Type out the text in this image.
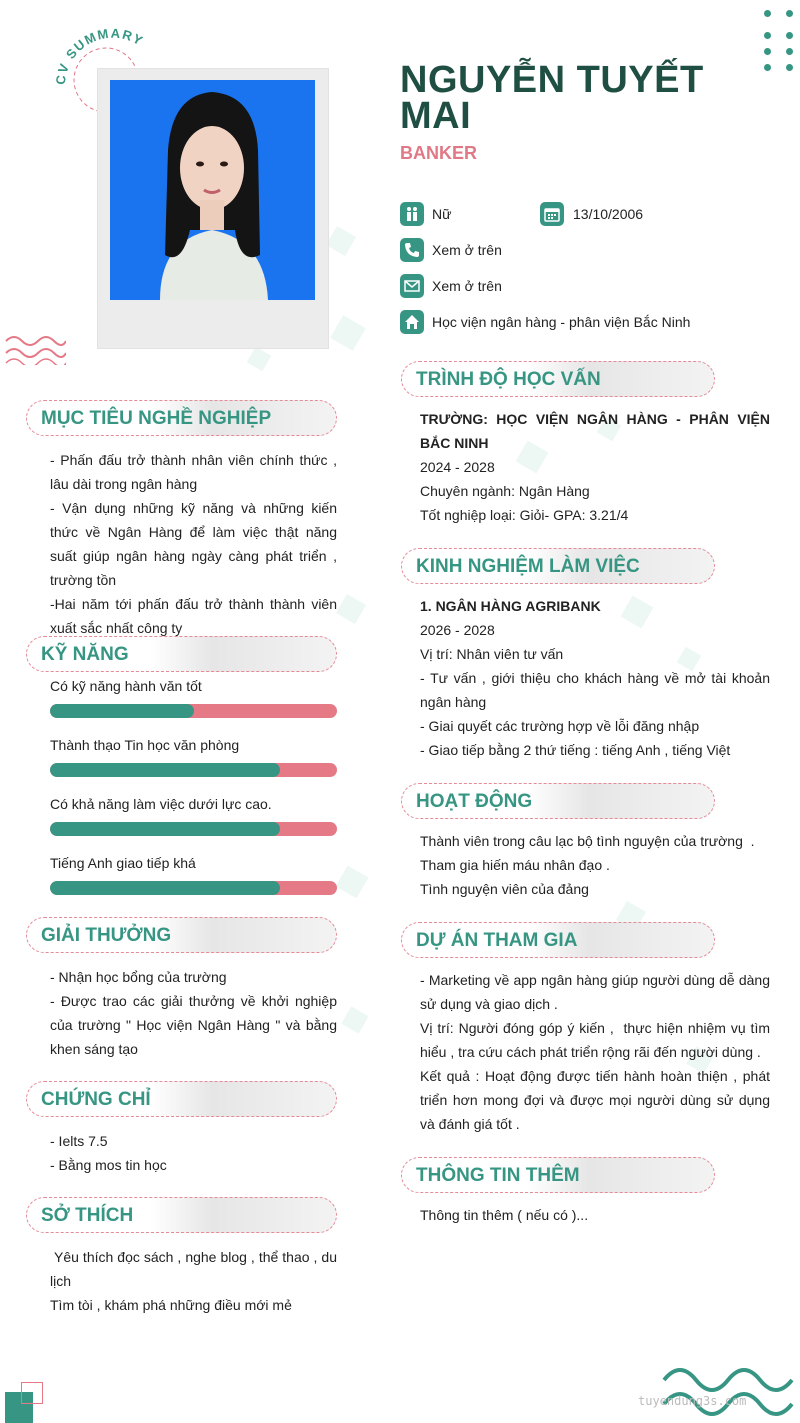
CV SUMMARY
NGUYỄN TUYẾT MAI
BANKER
Nữ	13/10/2006
Xem ở trên
Xem ở trên
Học viện ngân hàng - phân viện Bắc Ninh
MỤC TIÊU NGHỀ NGHIỆP
- Phấn đấu trở thành nhân viên chính thức , lâu dài trong ngân hàng
- Vận dụng những kỹ năng và những kiến thức về Ngân Hàng để làm việc thật năng suất giúp ngân hàng ngày càng phát triển , trường tồn
-Hai năm tới phấn đấu trở thành thành viên xuất sắc nhất công ty
KỸ NĂNG
Có kỹ năng hành văn tốt
Thành thạo Tin học văn phòng
Có khả năng làm việc dưới lực cao.
Tiếng Anh giao tiếp khá
GIẢI THƯỞNG
- Nhận học bổng của trường
- Được trao các giải thưởng về khởi nghiệp của trường " Học viện Ngân Hàng " và bằng khen sáng tạo
CHỨNG CHỈ
- Ielts 7.5
- Bằng mos tin học
SỞ THÍCH
Yêu thích đọc sách , nghe blog , thể thao , du lịch
Tìm tòi , khám phá những điều mới mẻ
TRÌNH ĐỘ HỌC VẤN
TRƯỜNG: HỌC VIỆN NGÂN HÀNG - PHÂN VIỆN BẮC NINH
2024 - 2028
Chuyên ngành: Ngân Hàng
Tốt nghiệp loại: Giỏi- GPA: 3.21/4
KINH NGHIỆM LÀM VIỆC
1. NGÂN HÀNG AGRIBANK
2026 - 2028
Vị trí: Nhân viên tư vấn
- Tư vấn , giới thiệu cho khách hàng về mở tài khoản ngân hàng
- Giai quyết các trường hợp về lỗi đăng nhập
- Giao tiếp bằng 2 thứ tiếng : tiếng Anh , tiếng Việt
HOẠT ĐỘNG
Thành viên trong câu lạc bộ tình nguyện của trường  .
Tham gia hiến máu nhân đạo .
Tình nguyện viên của đảng
DỰ ÁN THAM GIA
- Marketing về app ngân hàng giúp người dùng dễ dàng sử dụng và giao dịch .
Vị trí: Người đóng góp ý kiến ,  thực hiện nhiệm vụ tìm hiểu , tra cứu cách phát triển rộng rãi đến người dùng .
Kết quả : Hoạt động được tiến hành hoàn thiện , phát triển hơn mong đợi và được mọi người dùng sử dụng và đánh giá tốt .
THÔNG TIN THÊM
Thông tin thêm ( nếu có )...
tuyendung3s.com
